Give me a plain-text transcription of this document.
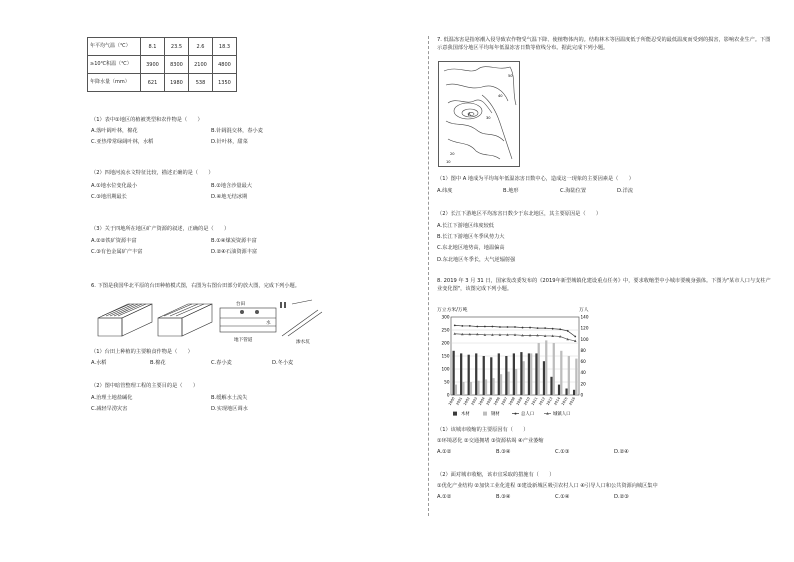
年平均气温（℃）	8.1	23.5	2.6	18.3
≥10℃积温（℃）	3900	8300	2100	4800
年降水量（mm）	621	1980	538	1350
（1）表中①地区的植被类型和农作物是（　　）
A.落叶阔叶林，棉花	B.针阔混交林，春小麦
C.亚热带常绿阔叶林，水稻	D.针叶林，甜菜
（2）四地河流水文特征比较，描述正确的是（　　）
A.①地水位变化最小	B.②地含沙量最大
C.③地汛期最长	D.④地无结冰期
（3）关于四地所在地区矿产资源的叙述，正确的是（　　）
A.②②铁矿资源丰富	B.①④煤炭资源丰富
C.③有色金属矿产丰富	D.②④石油资源丰富
6. 下图是我国华北平原的台田种植模式图，右图为右图台田部分的放大图，完成下列小题。
台田
水
地下管道	渗水坑
（1）台田上种植的主要粮食作物是（　　）
A.水稻	B.棉花	C.春小麦	D.冬小麦
（2）图中暗管整理工程的主要目的是（　　）
A.治理土地盐碱化	B.缓解水土流失
C.减轻旱涝灾害	D.实现地区调水
7. 低温冻害是指寒潮入侵导致农作物受气温下降、使植物体内的。结构林木等因温度低于所能忍受的最低温度而受到的损害，影响农业生产。下图示意我国部分地区平均每年低温冻害日数等值线分布。据此完成下列小题。
A
50
40
30
20
10
（1）图中 A 地成为平均每年低温冻害日数中心，造成这一现象的主要因素是（　　）
A.纬度	B.地形	C.海陆位置	D.洋流
（2）长江下游地区平均冻害日数少于东北地区，其主要原因是（　　）
A.长江下游地区纬度较低
B.长江下游地区冬季风势力大
C.东北地区地势高，地温偏高
D.东北地区冬季长，大气逆辐射强
8. 2019 年 3 月 31 日，国家发改委发布的《2019年新型城镇化建设重点任务》中，要求收缩型中小城市要瘦身强体。下图为"某市人口与支柱产业变化图"，该图完成下列小题。
万立方米/万吨	万人
0
50
100
150
200
250
300	140
120
100
80
60
40
20
0
2000 2001 2002 2003 2004 2005 2006 2007 2008 2009 2010 2011 2012 2013 2014 2015 2016
木材	钢材	总人口	城镇人口
（1）该城市收缩的主要原因有（　　）
①环境恶化 ②交通拥堵 ③资源枯竭 ④产业萎缩
A.①②	B.③④	C.①③	D.②④
（2）面对城市收缩，该市宜采取的措施有（　　）
①优化产业结构 ②加快工业化进程 ③建设新城区吸引农村人口 ④引导人口和公共资源向城区集中
A.①②	B.③④	C.①④	D.②③
